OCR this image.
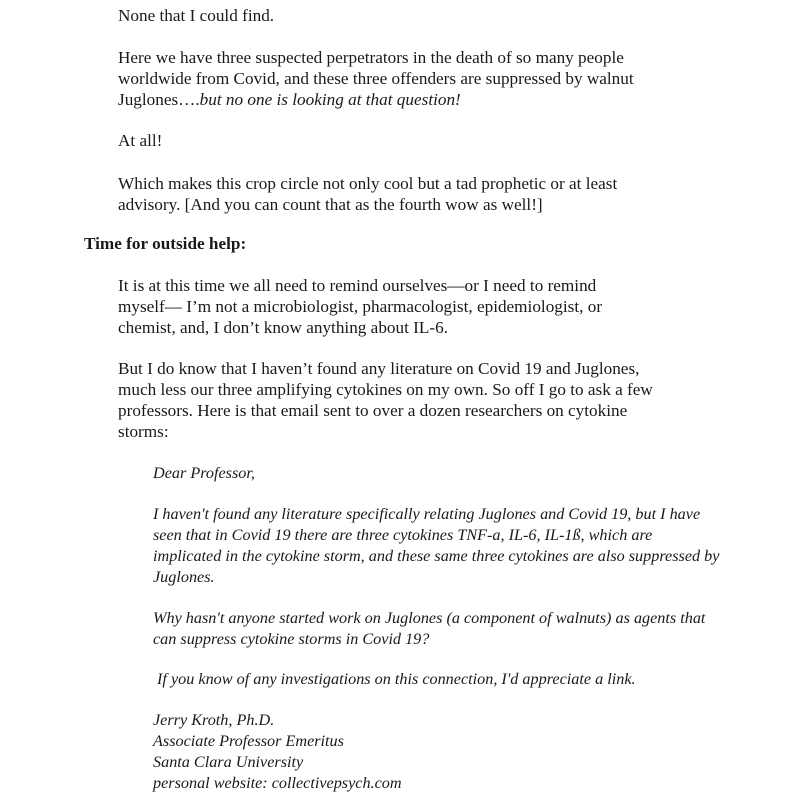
None that I could find.

Here we have three suspected perpetrators in the death of so many people
worldwide from Covid, and these three offenders are suppressed by walnut
Juglones….but no one is looking at that question!

At all!

Which makes this crop circle not only cool but a tad prophetic or at least
advisory. [And you can count that as the fourth wow as well!]

Time for outside help:

It is at this time we all need to remind ourselves—or I need to remind
myself— I’m not a microbiologist, pharmacologist, epidemiologist, or
chemist, and, I don’t know anything about IL-6.

But I do know that I haven’t found any literature on Covid 19 and Juglones,
much less our three amplifying cytokines on my own. So off I go to ask a few
professors. Here is that email sent to over a dozen researchers on cytokine
storms:

Dear Professor,

I haven't found any literature specifically relating Juglones and Covid 19, but I have
seen that in Covid 19 there are three cytokines TNF-a, IL-6, IL-1ß, which are
implicated in the cytokine storm, and these same three cytokines are also suppressed by
Juglones.

Why hasn't anyone started work on Juglones (a component of walnuts) as agents that
can suppress cytokine storms in Covid 19?

If you know of any investigations on this connection, I'd appreciate a link.

Jerry Kroth, Ph.D.
Associate Professor Emeritus
Santa Clara University
personal website: collectivepsych.com
